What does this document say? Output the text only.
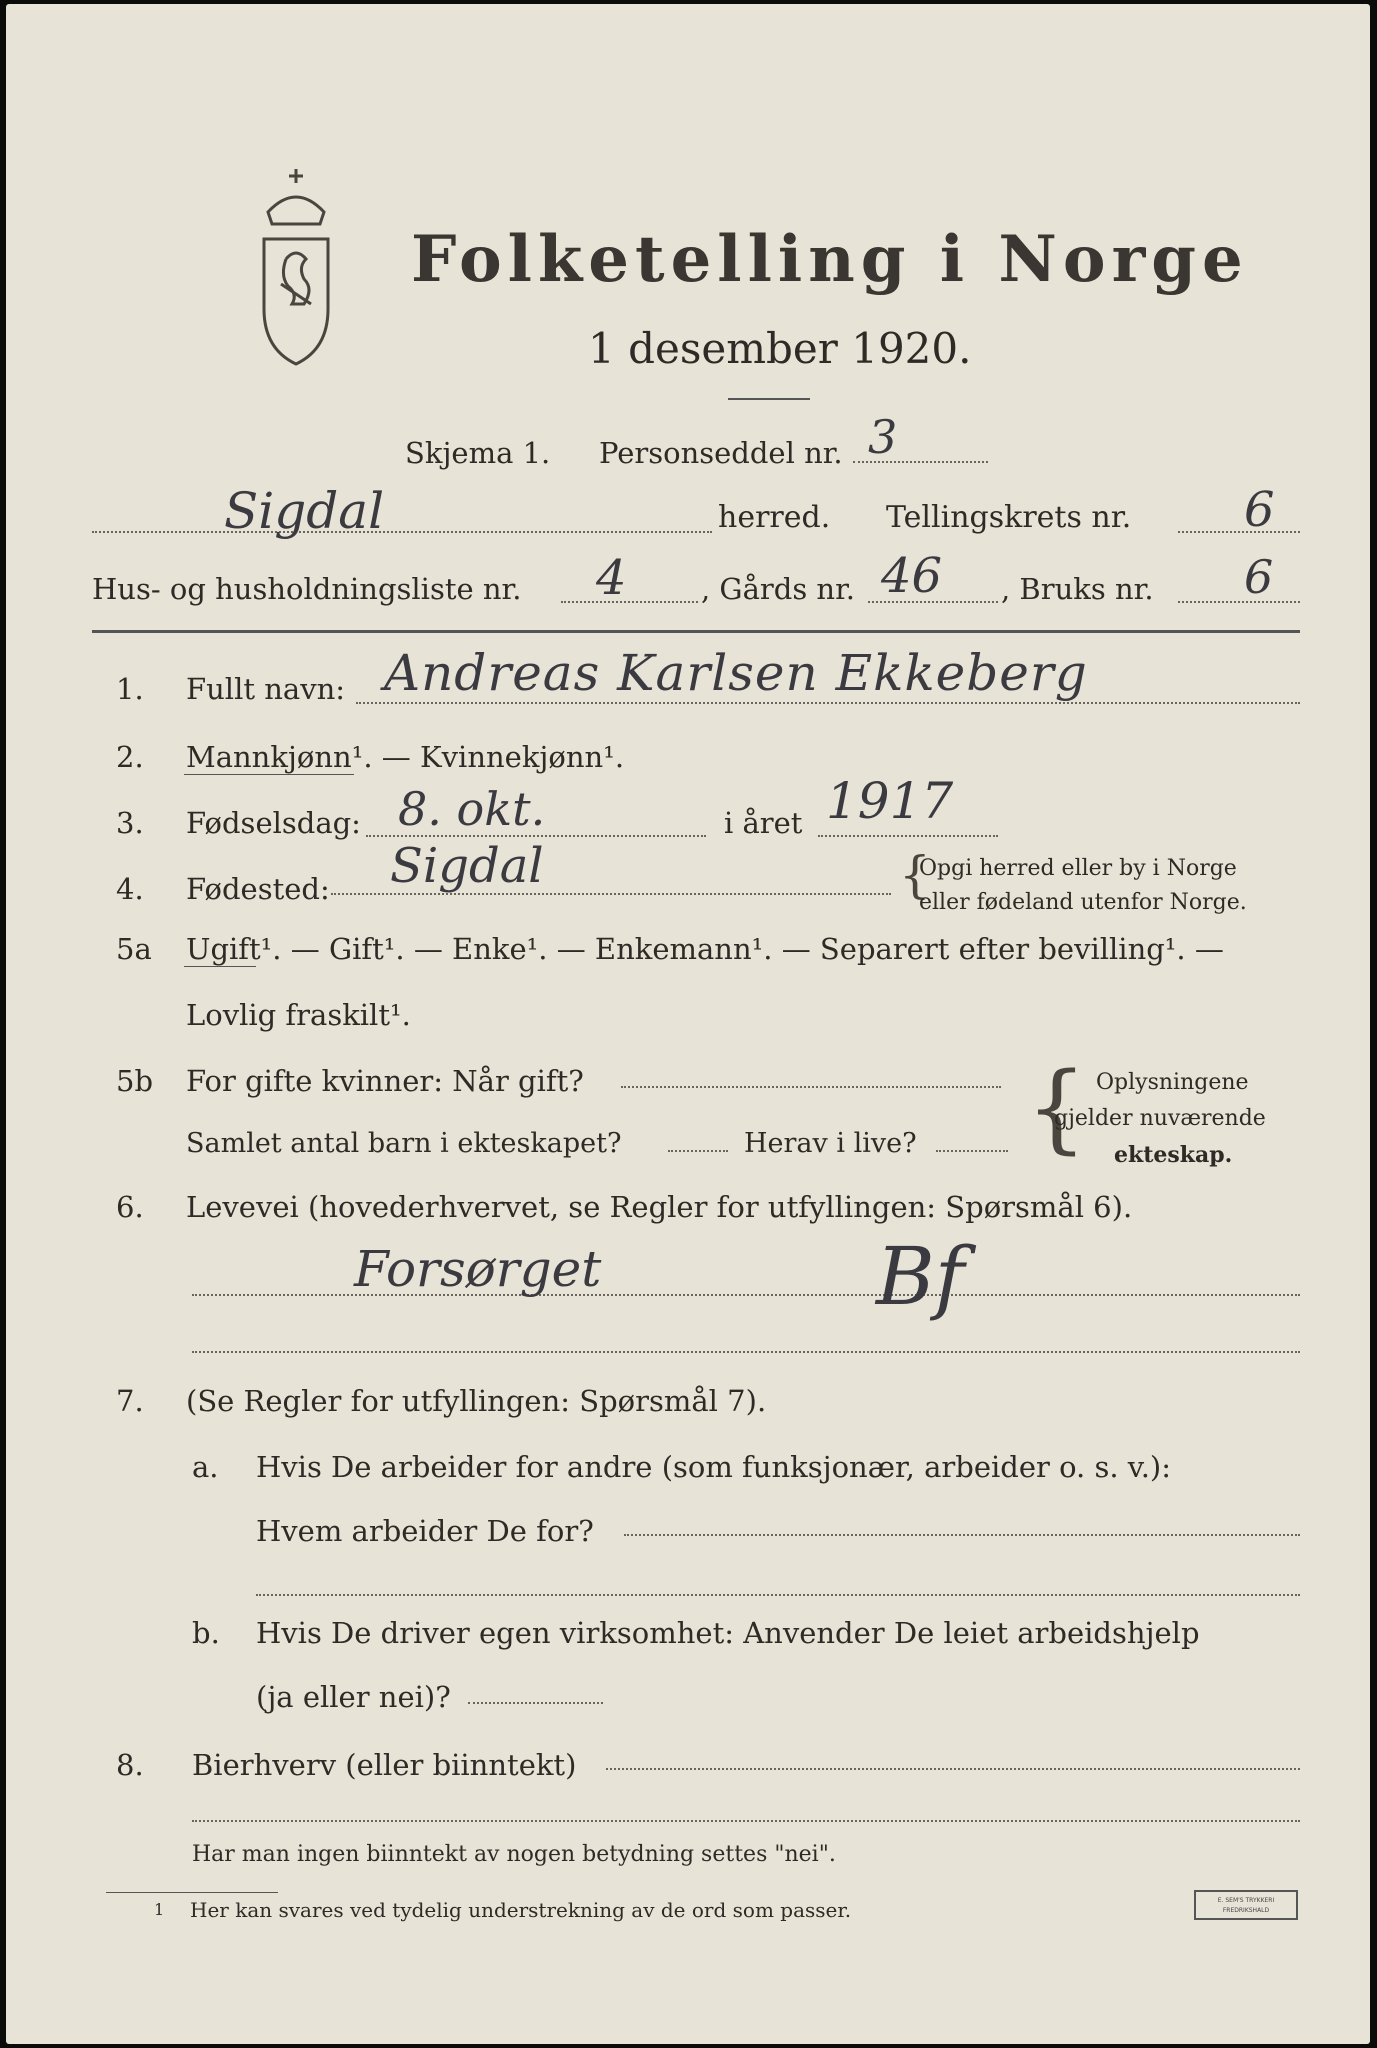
Folketelling i Norge
1 desember 1920.
Skjema 1. Personseddel nr. 3
Sigdal	herred. Tellingskrets nr. 6
Hus- og husholdningsliste nr. 4	, Gårds nr. 46 , Bruks nr. 6
1. Fullt navn: Andreas Karlsen Ekkeberg
2. Mannkjønn¹. — Kvinnekjønn¹.
3. Fødselsdag: 8. okt.	i året 1917
4. Fødested: Sigdal	{
Opgi herred eller by i Norge
eller fødeland utenfor Norge.
5a Ugift¹. — Gift¹. — Enke¹. — Enkemann¹. — Separert efter bevilling¹. —
Lovlig fraskilt¹.
5b For gifte kvinner: Når gift?
Samlet antal barn i ekteskapet?	Herav i live? { Oplysningene
gjelder nuværende
ekteskap.
6. Levevei (hovederhvervet, se Regler for utfyllingen: Spørsmål 6).
Forsørget	Bf
7. (Se Regler for utfyllingen: Spørsmål 7).
a. Hvis De arbeider for andre (som funksjonær, arbeider o. s. v.):
Hvem arbeider De for?
b. Hvis De driver egen virksomhet: Anvender De leiet arbeidshjelp
(ja eller nei)?
8. Bierhverv (eller biinntekt)
Har man ingen biinntekt av nogen betydning settes "nei".
1 Her kan svares ved tydelig understrekning av de ord som passer.	E. SEM'S TRYKKERI FREDRIKSHALD
